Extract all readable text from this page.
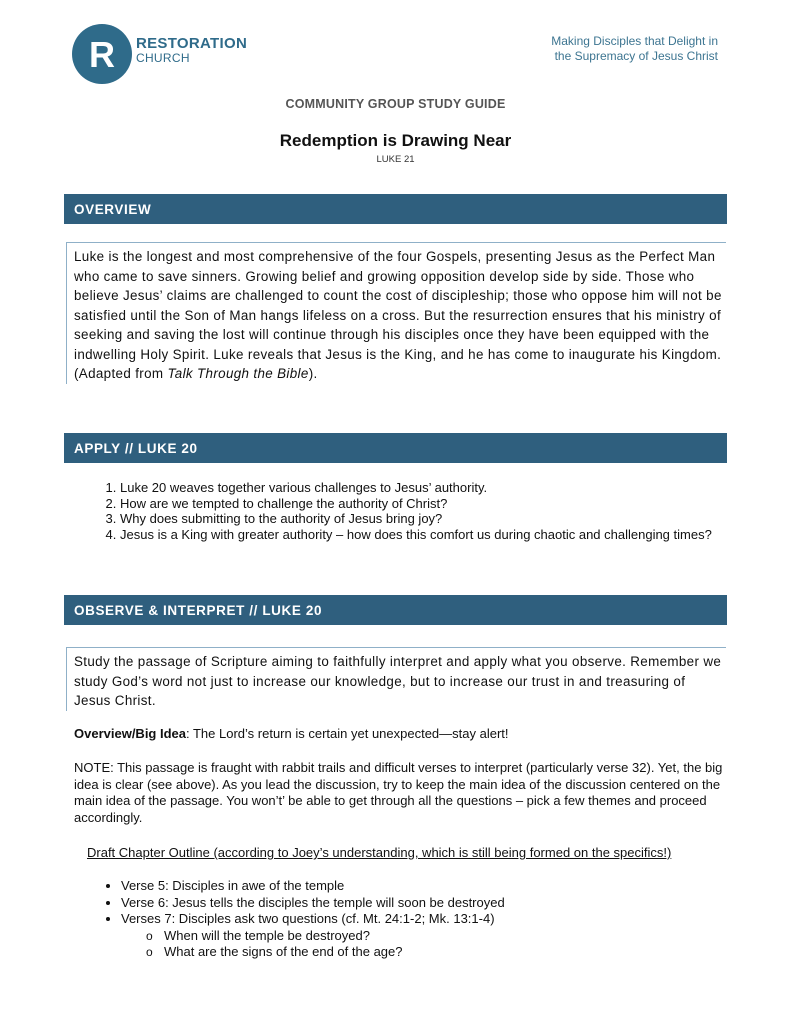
R RESTORATION
CHURCH
Making Disciples that Delight in
the Supremacy of Jesus Christ
COMMUNITY GROUP STUDY GUIDE
Redemption is Drawing Near
LUKE 21
OVERVIEW

Luke is the longest and most comprehensive of the four Gospels, presenting Jesus as the Perfect Man who came to save sinners. Growing belief and growing opposition develop side by side. Those who believe Jesus’ claims are challenged to count the cost of discipleship; those who oppose him will not be satisfied until the Son of Man hangs lifeless on a cross. But the resurrection ensures that his ministry of seeking and saving the lost will continue through his disciples once they have been equipped with the indwelling Holy Spirit. Luke reveals that Jesus is the King, and he has come to inaugurate his Kingdom. (Adapted from Talk Through the Bible).

APPLY // LUKE 20
1. Luke 20 weaves together various challenges to Jesus’ authority.
2. How are we tempted to challenge the authority of Christ?
3. Why does submitting to the authority of Jesus bring joy?
4. Jesus is a King with greater authority – how does this comfort us during chaotic and challenging times?
OBSERVE & INTERPRET // LUKE 20

Study the passage of Scripture aiming to faithfully interpret and apply what you observe. Remember we study God’s word not just to increase our knowledge, but to increase our trust in and treasuring of Jesus Christ.

Overview/Big Idea: The Lord’s return is certain yet unexpected—stay alert!

NOTE: This passage is fraught with rabbit trails and difficult verses to interpret (particularly verse 32). Yet, the big idea is clear (see above). As you lead the discussion, try to keep the main idea of the discussion centered on the main idea of the passage. You won’t’ be able to get through all the questions – pick a few themes and proceed accordingly.

Draft Chapter Outline (according to Joey’s understanding, which is still being formed on the specifics!)

• Verse 5: Disciples in awe of the temple
• Verse 6: Jesus tells the disciples the temple will soon be destroyed
• Verses 7: Disciples ask two questions (cf. Mt. 24:1-2; Mk. 13:1-4)
o When will the temple be destroyed?
o What are the signs of the end of the age?
